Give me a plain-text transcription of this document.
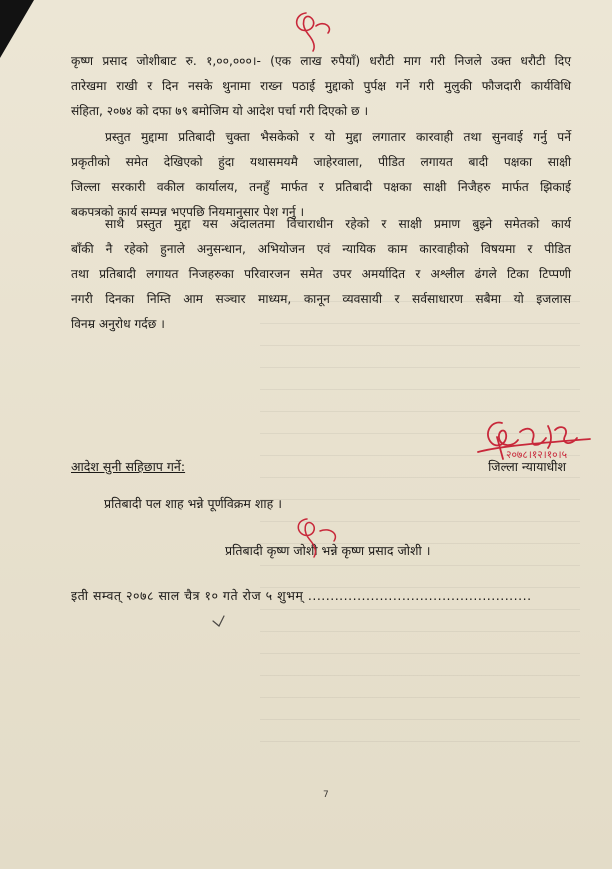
कृष्ण प्रसाद जोशीबाट रु. १,००,०००।- (एक लाख रुपैयाँ) धरौटी माग गरी निजले उक्त धरौटी दिए

तारेखमा राखी र दिन नसके थुनामा राख्न पठाई मुद्दाको पुर्पक्ष गर्ने गरी मुलुकी फौजदारी कार्यविधि

संहिता, २०७४ को दफा ७९ बमोजिम यो आदेश पर्चा गरी दिएको छ ।

प्रस्तुत मुद्दामा प्रतिबादी चुक्ता भैसकेको र यो मुद्दा लगातार कारवाही तथा सुनवाई गर्नु पर्ने

प्रकृतीको समेत देखिएको हुंदा यथासमयमै जाहेरवाला, पीडित लगायत बादी पक्षका साक्षी

जिल्ला सरकारी वकील कार्यालय, तनहुँ मार्फत र प्रतिबादी पक्षका साक्षी निजैहरु मार्फत झिकाई

बकपत्रको कार्य सम्पन्न भएपछि नियमानुसार पेश गर्नु ।

साथै प्रस्तुत मुद्दा यस अदालतमा विचाराधीन रहेको र साक्षी प्रमाण बुझ्ने समेतको कार्य

बाँकी नै रहेको हुनाले अनुसन्धान, अभियोजन एवं न्यायिक काम कारवाहीको विषयमा र पीडित

तथा प्रतिबादी लगायत निजहरुका परिवारजन समेत उपर अमर्यादित र अश्लील ढंगले टिका टिप्पणी

नगरी दिनका निम्ति आम सञ्चार माध्यम, कानून व्यवसायी र सर्वसाधारण सबैमा यो इजलास

विनम्र अनुरोध गर्दछ ।

आदेश सुनी सहिछाप गर्ने:	जिल्ला न्यायाधीश
प्रतिबादी पल शाह भन्ने पूर्णविक्रम शाह ।
प्रतिबादी कृष्ण जोशी भन्ने कृष्ण प्रसाद जोशी ।
इती सम्वत् २०७८ साल चैत्र १० गते रोज ५ शुभम् ..................................................
7
२०७८।१२।१०।५
